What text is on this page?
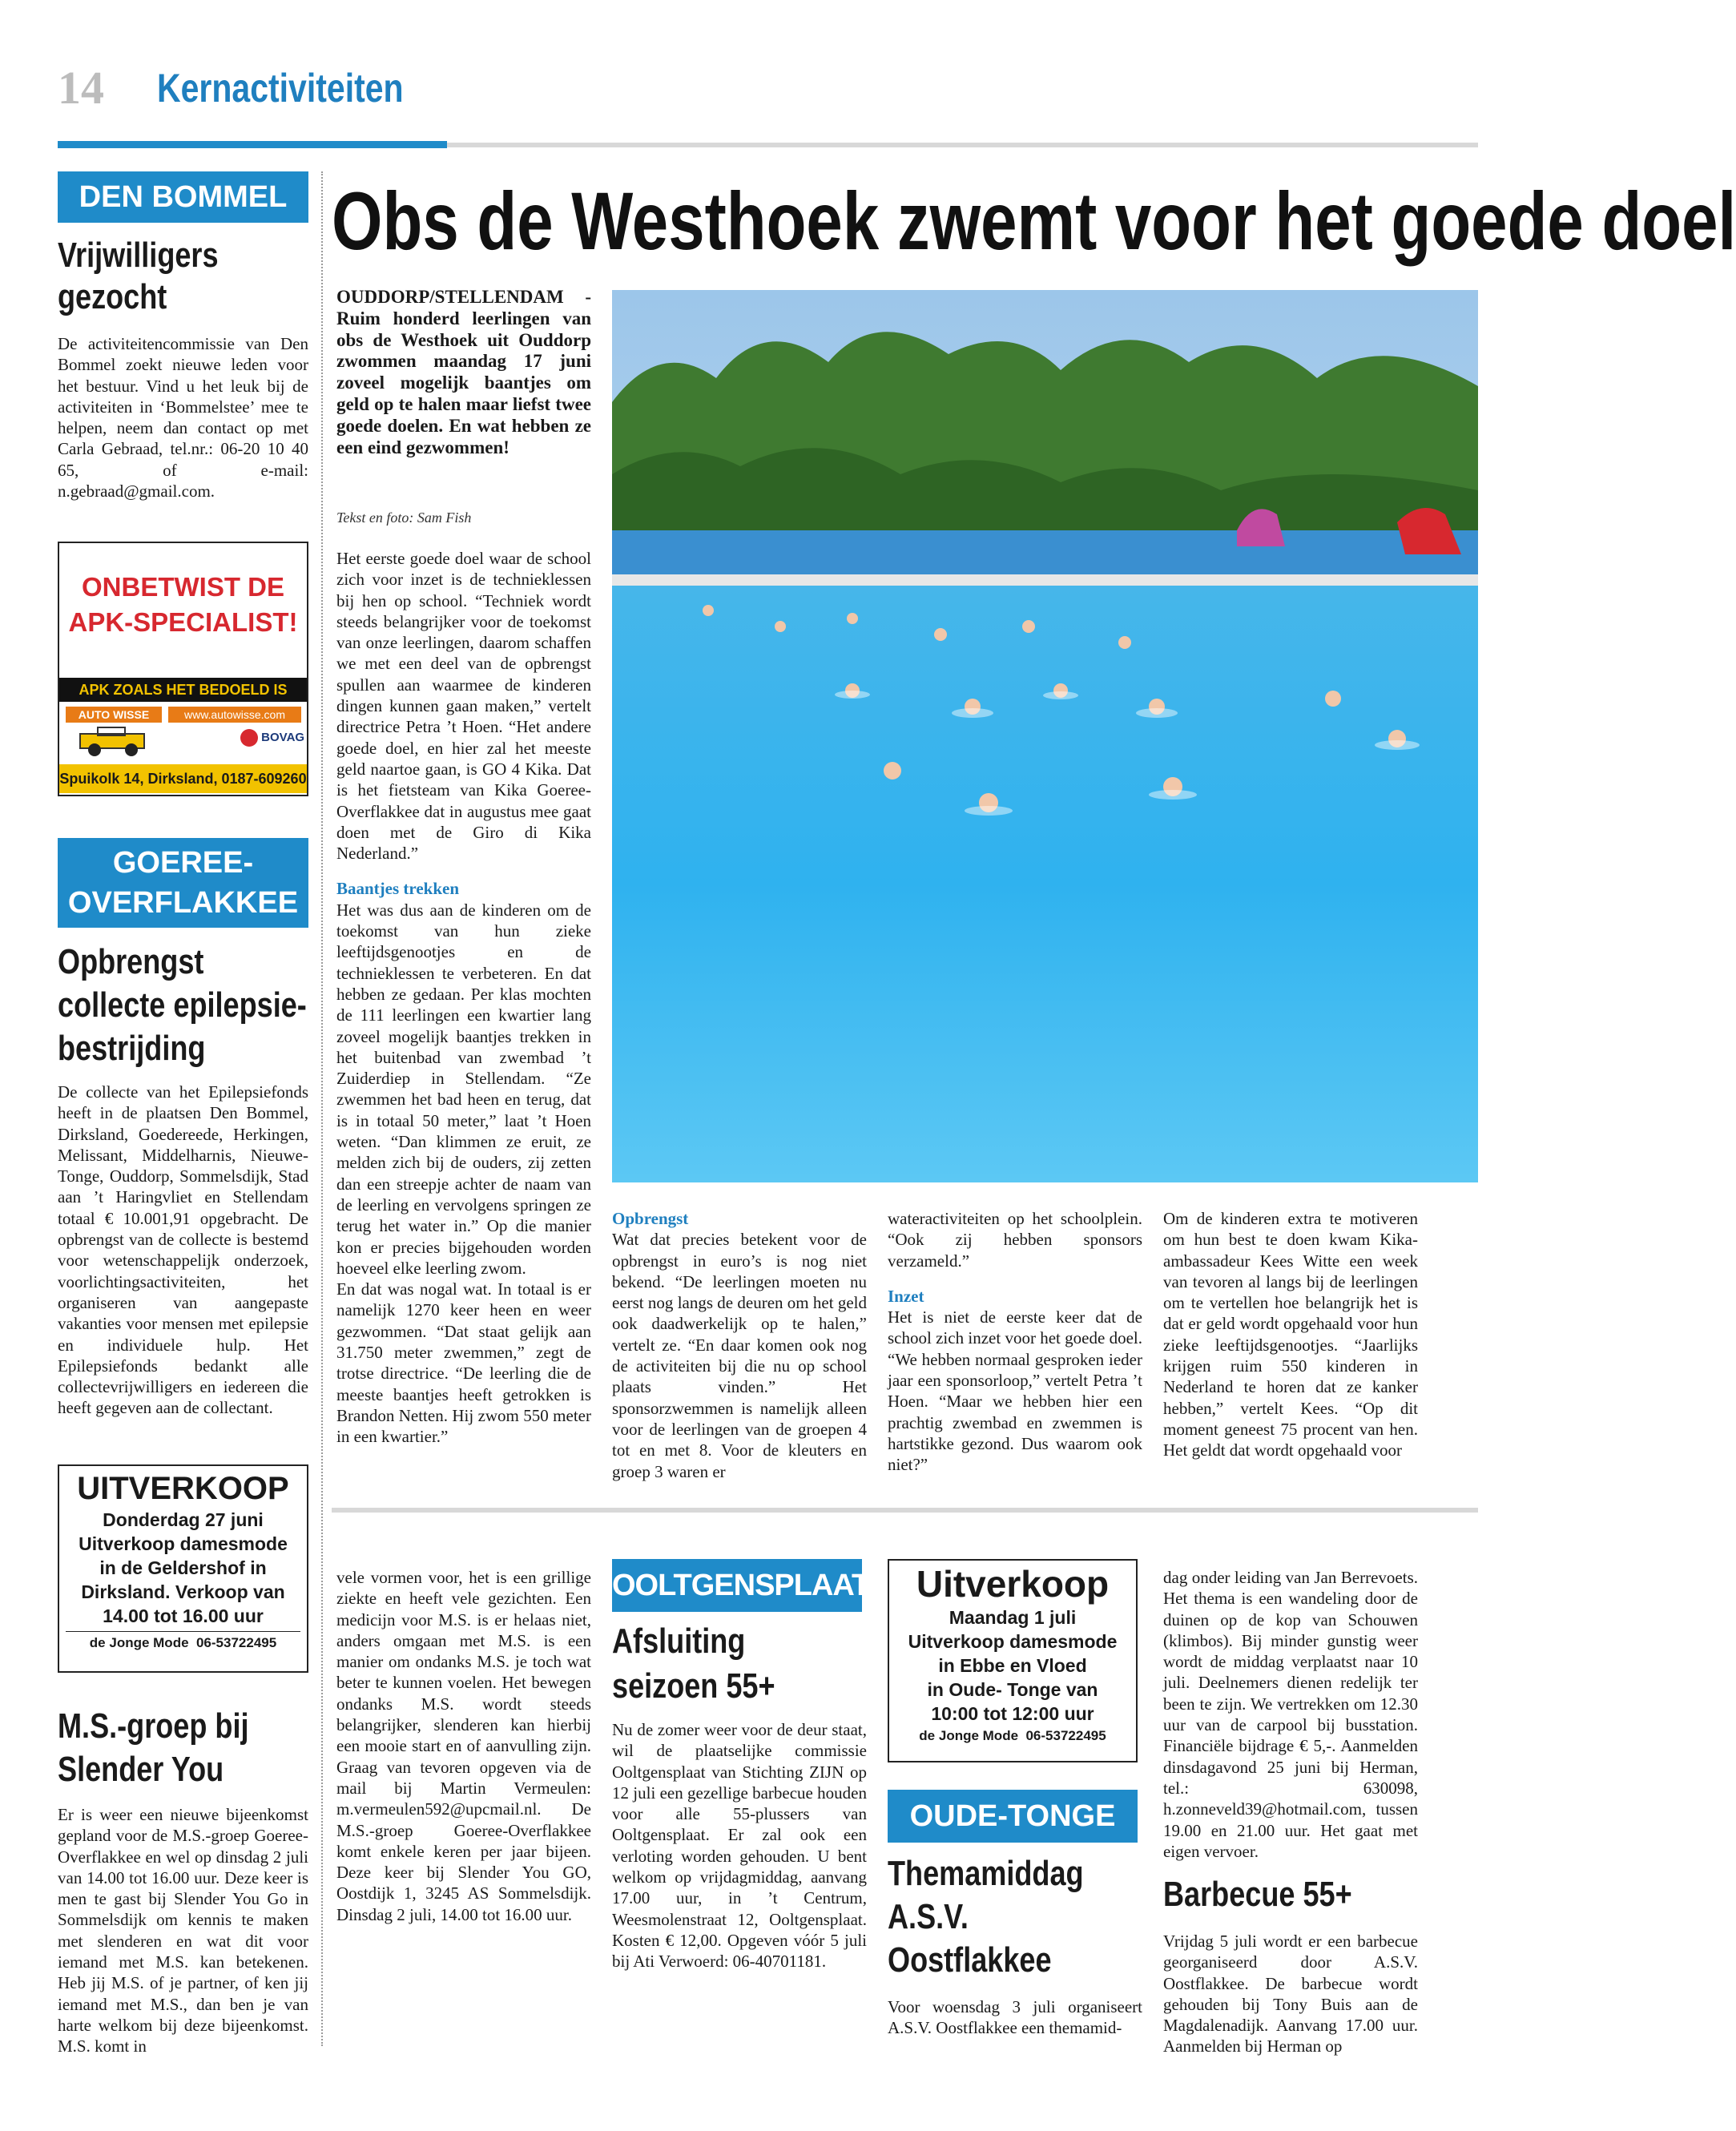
14 Kernactiviteiten
DEN BOMMEL
Vrijwilligers
gezocht

De activiteitencommissie van Den Bommel zoekt nieuwe leden voor het bestuur. Vind u het leuk bij de activiteiten in ‘Bommelstee’ mee te helpen, neem dan contact op met Carla Gebraad, tel.nr.: 06-20 10 40 65, of e-mail: n.gebraad@gmail.com.

ONBETWIST DE
APK-SPECIALIST!
APK ZOALS HET BEDOELD IS
AUTO WISSE	www.autowisse.com
BOVAG
Spuikolk 14, Dirksland, 0187-609260
GOEREE-
OVERFLAKKEE
Opbrengst
collecte epilepsie-
bestrijding

De collecte van het Epilepsiefonds heeft in de plaatsen Den Bommel, Dirksland, Goedereede, Herkingen, Melissant, Middelharnis, Nieuwe-Tonge, Ouddorp, Sommelsdijk, Stad aan ’t Haringvliet en Stellendam totaal € 10.001,91 opgebracht. De opbrengst van de collecte is bestemd voor wetenschappelijk onderzoek, voorlichtingsactiviteiten, het organiseren van aangepaste vakanties voor mensen met epilepsie en individuele hulp. Het Epilepsiefonds bedankt alle collectevrijwilligers en iedereen die heeft gegeven aan de collectant.

UITVERKOOP
Donderdag 27 juni
Uitverkoop damesmode
in de Geldershof in
Dirksland. Verkoop van
14.00 tot 16.00 uur
de Jonge Mode  06-53722495
M.S.-groep bij
Slender You

Er is weer een nieuwe bijeenkomst gepland voor de M.S.-groep Goeree-Overflakkee en wel op dinsdag 2 juli van 14.00 tot 16.00 uur. Deze keer is men te gast bij Slender You Go in Sommelsdijk om kennis te maken met slenderen en wat dit voor iemand met M.S. kan betekenen. Heb jij M.S. of je partner, of ken jij iemand met M.S., dan ben je van harte welkom bij deze bijeenkomst. M.S. komt in

Obs de Westhoek zwemt voor het goede doel

OUDDORP/STELLENDAM - Ruim honderd leerlingen van obs de Westhoek uit Ouddorp zwommen maandag 17 juni zoveel mogelijk baantjes om geld op te halen maar liefst twee goede doelen. En wat hebben ze een eind gezwommen!

Tekst en foto: Sam Fish

Het eerste goede doel waar de school zich voor inzet is de technieklessen bij hen op school. “Techniek wordt steeds belangrijker voor de toekomst van onze leerlingen, daarom schaffen we met een deel van de opbrengst spullen aan waarmee de kinderen dingen kunnen gaan maken,” vertelt directrice Petra ’t Hoen. “Het andere goede doel, en hier zal het meeste geld naartoe gaan, is GO 4 Kika. Dat is het fietsteam van Kika Goeree-Overflakkee dat in augustus mee gaat doen met de Giro di Kika Nederland.”

Baantjes trekken

Het was dus aan de kinderen om de toekomst van hun zieke leeftijdsgenootjes en de technieklessen te verbeteren. En dat hebben ze gedaan. Per klas mochten de 111 leerlingen een kwartier lang zoveel mogelijk baantjes trekken in het buitenbad van zwembad ’t Zuiderdiep in Stellendam. “Ze zwemmen het bad heen en terug, dat is in totaal 50 meter,” laat ’t Hoen weten. “Dan klimmen ze eruit, ze melden zich bij de ouders, zij zetten dan een streepje achter de naam van de leerling en vervolgens springen ze terug het water in.” Op die manier kon er precies bijgehouden worden hoeveel elke leerling zwom.

En dat was nogal wat. In totaal is er namelijk 1270 keer heen en weer gezwommen. “Dat staat gelijk aan 31.750 meter zwemmen,” zegt de trotse directrice. “De leerling die de meeste baantjes heeft getrokken is Brandon Netten. Hij zwom 550 meter in een kwartier.”

Opbrengst

Wat dat precies betekent voor de opbrengst in euro’s is nog niet bekend. “De leerlingen moeten nu eerst nog langs de deuren om het geld ook daadwerkelijk op te halen,” vertelt ze. “En daar komen ook nog de activiteiten bij die nu op school plaats vinden.” Het sponsorzwemmen is namelijk alleen voor de leerlingen van de groepen 4 tot en met 8. Voor de kleuters en groep 3 waren er

wateractiviteiten op het schoolplein. “Ook zij hebben sponsors verzameld.”

Inzet

Het is niet de eerste keer dat de school zich inzet voor het goede doel. “We hebben normaal gesproken ieder jaar een sponsorloop,” vertelt Petra ’t Hoen. “Maar we hebben hier een prachtig zwembad en zwemmen is hartstikke gezond. Dus waarom ook niet?”

Om de kinderen extra te motiveren om hun best te doen kwam Kika-ambassadeur Kees Witte een week van tevoren al langs bij de leerlingen om te vertellen hoe belangrijk het is dat er geld wordt opgehaald voor hun zieke leeftijdsgenootjes. “Jaarlijks krijgen ruim 550 kinderen in Nederland te horen dat ze kanker hebben,” vertelt Kees. “Op dit moment geneest 75 procent van hen. Het geldt dat wordt opgehaald voor

vele vormen voor, het is een grillige ziekte en heeft vele gezichten. Een medicijn voor M.S. is er helaas niet, anders omgaan met M.S. is een manier om ondanks M.S. je toch wat beter te kunnen voelen. Het bewegen ondanks M.S. wordt steeds belangrijker, slenderen kan hierbij een mooie start en of aanvulling zijn. Graag van tevoren opgeven via de mail bij Martin Vermeulen: m.vermeulen592@upcmail.nl. De M.S.-groep Goeree-Overflakkee komt enkele keren per jaar bijeen. Deze keer bij Slender You GO, Oostdijk 1, 3245 AS Sommelsdijk. Dinsdag 2 juli, 14.00 tot 16.00 uur.

OOLTGENSPLAAT
Afsluiting
seizoen 55+

Nu de zomer weer voor de deur staat, wil de plaatselijke commissie Ooltgensplaat van Stichting ZIJN op 12 juli een gezellige barbecue houden voor alle 55-plussers van Ooltgensplaat. Er zal ook een verloting worden gehouden. U bent welkom op vrijdagmiddag, aanvang 17.00 uur, in ’t Centrum, Weesmolenstraat 12, Ooltgensplaat. Kosten € 12,00. Opgeven vóór 5 juli bij Ati Verwoerd: 06-40701181.

Uitverkoop
Maandag 1 juli
Uitverkoop damesmode
in Ebbe en Vloed
in Oude- Tonge van
10:00 tot 12:00 uur
de Jonge Mode  06-53722495
OUDE-TONGE
Themamiddag
A.S.V.
Oostflakkee

Voor woensdag 3 juli organiseert A.S.V. Oostflakkee een themamid-

dag onder leiding van Jan Berrevoets. Het thema is een wandeling door de duinen op de kop van Schouwen (klimbos). Bij minder gunstig weer wordt de middag verplaatst naar 10 juli. Deelnemers dienen redelijk ter been te zijn. We vertrekken om 12.30 uur van de carpool bij busstation. Financiële bijdrage € 5,-. Aanmelden dinsdagavond 25 juni bij Herman, tel.: 630098, h.zonneveld39@hotmail.com, tussen 19.00 en 21.00 uur. Het gaat met eigen vervoer.

Barbecue 55+

Vrijdag 5 juli wordt er een barbecue georganiseerd door A.S.V. Oostflakkee. De barbecue wordt gehouden bij Tony Buis aan de Magdalenadijk. Aanvang 17.00 uur. Aanmelden bij Herman op
